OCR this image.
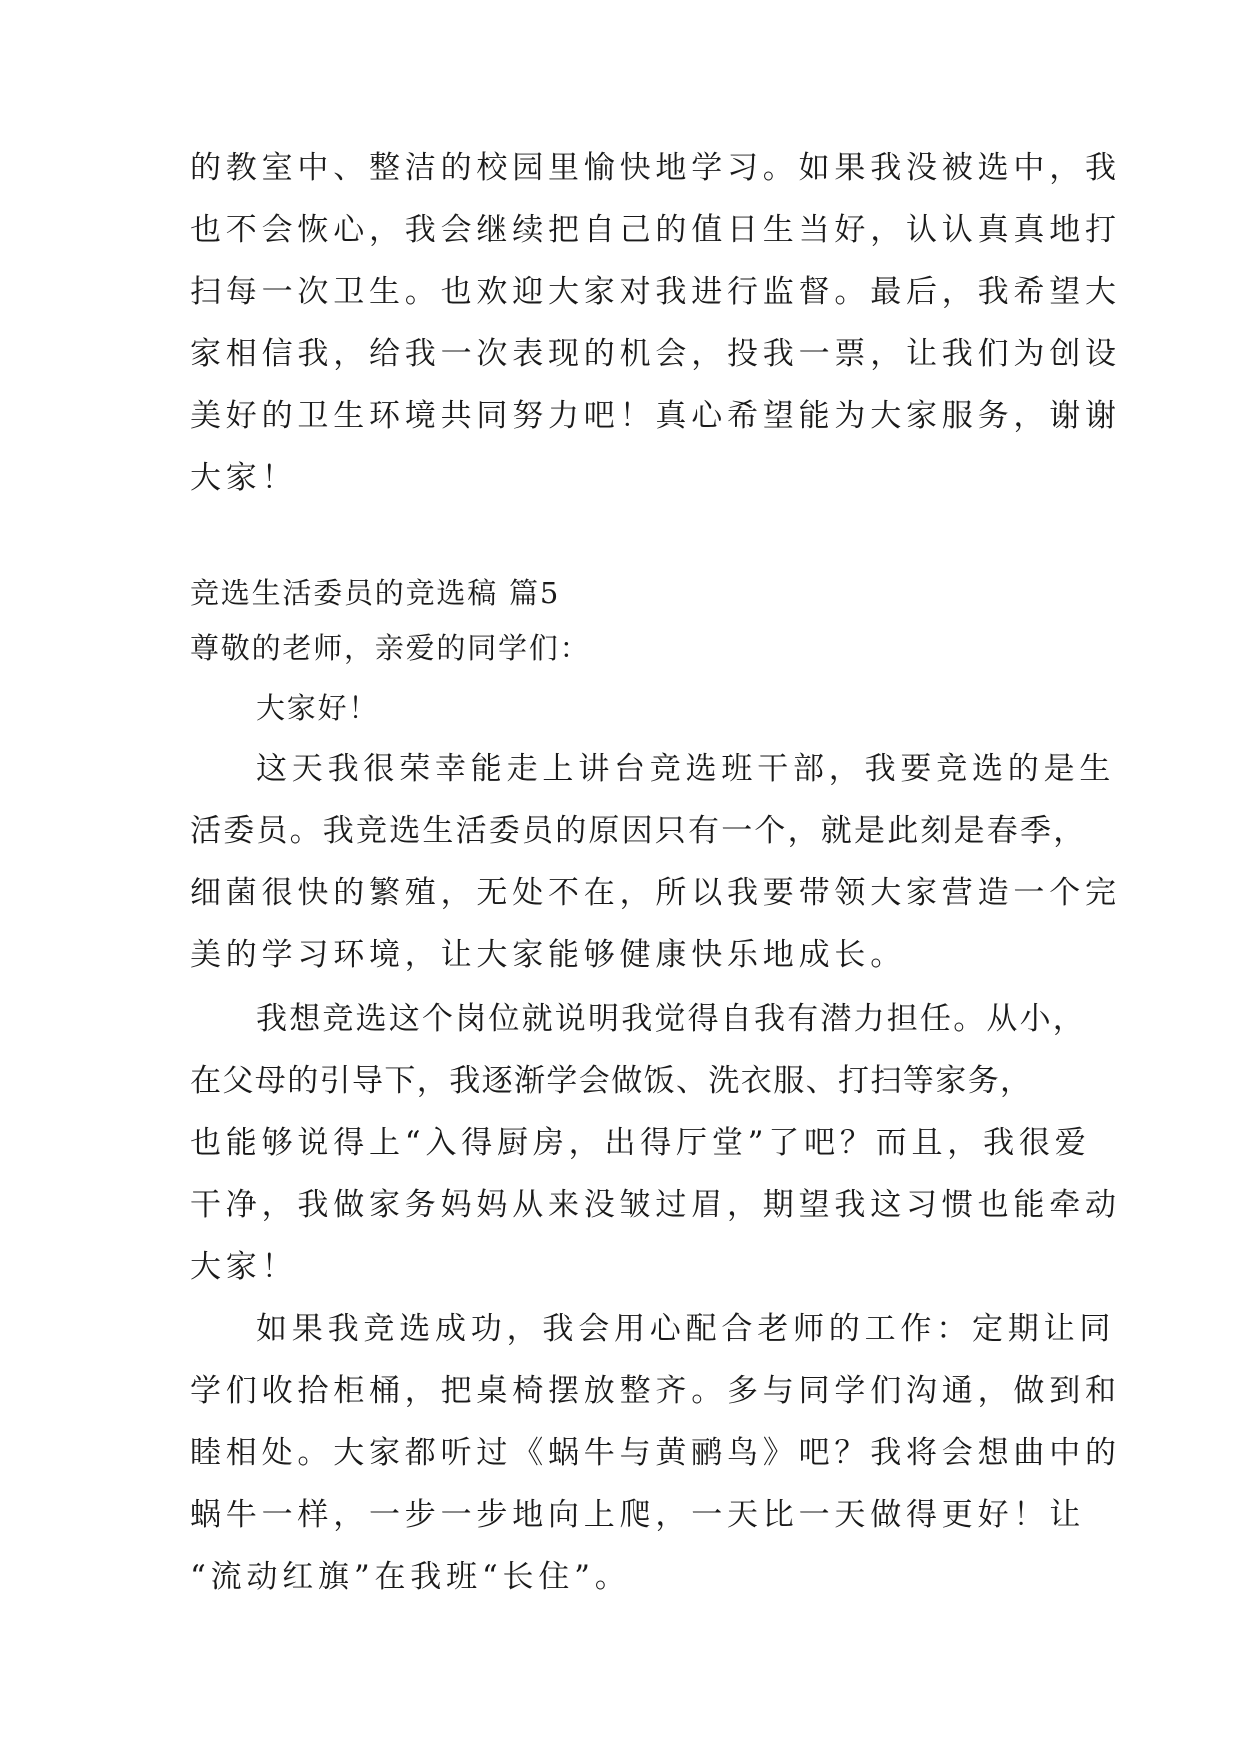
的教室中、整洁的校园里愉快地学习。如果我没被选中，我
也不会恢心，我会继续把自己的值日生当好，认认真真地打
扫每一次卫生。也欢迎大家对我进行监督。最后，我希望大
家相信我，给我一次表现的机会，投我一票，让我们为创设
美好的卫生环境共同努力吧！真心希望能为大家服务，谢谢
大家！
竞选生活委员的竞选稿 篇5
尊敬的老师，亲爱的同学们：
大家好！
这天我很荣幸能走上讲台竞选班干部，我要竞选的是生
活委员。我竞选生活委员的原因只有一个，就是此刻是春季，
细菌很快的繁殖，无处不在，所以我要带领大家营造一个完
美的学习环境，让大家能够健康快乐地成长。
我想竞选这个岗位就说明我觉得自我有潜力担任。从小，
在父母的引导下，我逐渐学会做饭、洗衣服、打扫等家务，
也能够说得上“入得厨房，出得厅堂”了吧？而且，我很爱
干净，我做家务妈妈从来没皱过眉，期望我这习惯也能牵动
大家！
如果我竞选成功，我会用心配合老师的工作：定期让同
学们收拾柜桶，把桌椅摆放整齐。多与同学们沟通，做到和
睦相处。大家都听过《蜗牛与黄鹂鸟》吧？我将会想曲中的
蜗牛一样，一步一步地向上爬，一天比一天做得更好！让
“流动红旗”在我班“长住”。
